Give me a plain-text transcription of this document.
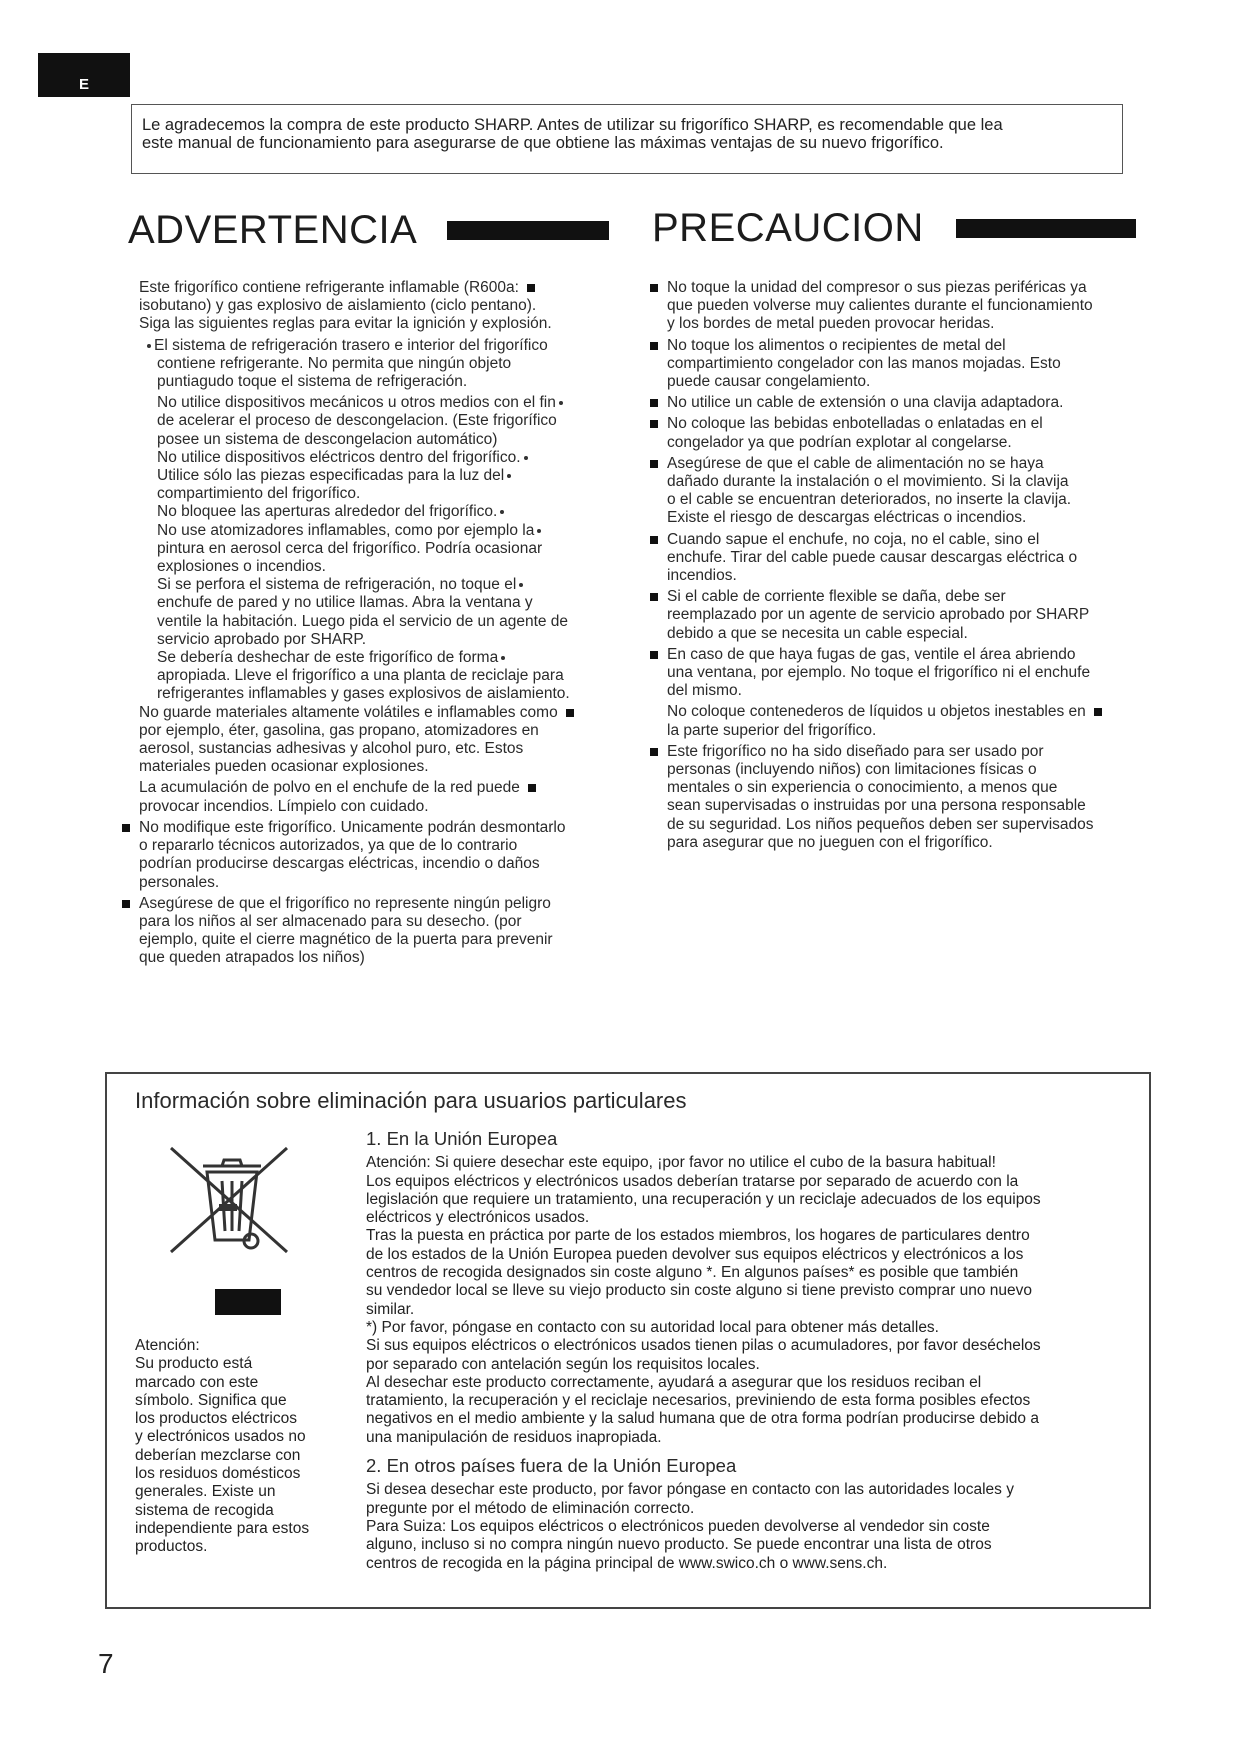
E

Le agradecemos la compra de este producto SHARP. Antes de utilizar su frigorífico SHARP, es recomendable que lea

este manual de funcionamiento para asegurarse de que obtiene las máximas ventajas de su nuevo frigorífico.

ADVERTENCIA	PRECAUCION

Este frigorífico contiene refrigerante inflamable (R600a:

isobutano) y gas explosivo de aislamiento (ciclo pentano).

Siga las siguientes reglas para evitar la ignición y explosión.

El sistema de refrigeración trasero e interior del frigorífico

contiene refrigerante. No permita que ningún objeto

puntiagudo toque el sistema de refrigeración.

No utilice dispositivos mecánicos u otros medios con el fin

de acelerar el proceso de descongelacion. (Este frigorífico

posee un sistema de descongelacion automático)

No utilice dispositivos eléctricos dentro del frigorífico.

Utilice sólo las piezas especificadas para la luz del

compartimiento del frigorífico.

No bloquee las aperturas alrededor del frigorífico.

No use atomizadores inflamables, como por ejemplo la

pintura en aerosol cerca del frigorífico. Podría ocasionar

explosiones o incendios.

Si se perfora el sistema de refrigeración, no toque el

enchufe de pared y no utilice llamas. Abra la ventana y

ventile la habitación. Luego pida el servicio de un agente de

servicio aprobado por SHARP.

Se debería deshechar de este frigorífico de forma

apropiada. Lleve el frigorífico a una planta de reciclaje para

refrigerantes inflamables y gases explosivos de aislamiento.

No guarde materiales altamente volátiles e inflamables como

por ejemplo, éter, gasolina, gas propano, atomizadores en

aerosol, sustancias adhesivas y alcohol puro, etc. Estos

materiales pueden ocasionar explosiones.

La acumulación de polvo en el enchufe de la red puede

provocar incendios. Límpielo con cuidado.

No modifique este frigorífico. Unicamente podrán desmontarlo

o repararlo técnicos autorizados, ya que de lo contrario

podrían producirse descargas eléctricas, incendio o daños

personales.

Asegúrese de que el frigorífico no represente ningún peligro

para los niños al ser almacenado para su desecho. (por

ejemplo, quite el cierre magnético de la puerta para prevenir

que queden atrapados los niños)

No toque la unidad del compresor o sus piezas periféricas ya

que pueden volverse muy calientes durante el funcionamiento

y los bordes de metal pueden provocar heridas.

No toque los alimentos o recipientes de metal del

compartimiento congelador con las manos mojadas. Esto

puede causar congelamiento.

No utilice un cable de extensión o una clavija adaptadora.

No coloque las bebidas enbotelladas o enlatadas en el

congelador ya que podrían explotar al congelarse.

Asegúrese de que el cable de alimentación no se haya

dañado durante la instalación o el movimiento. Si la clavija

o el cable se encuentran deteriorados, no inserte la clavija.

Existe el riesgo de descargas eléctricas o incendios.

Cuando sapue el enchufe, no coja, no el cable, sino el

enchufe. Tirar del cable puede causar descargas eléctrica o

incendios.

Si el cable de corriente flexible se daña, debe ser

reemplazado por un agente de servicio aprobado por SHARP

debido a que se necesita un cable especial.

En caso de que haya fugas de gas, ventile el área abriendo

una ventana, por ejemplo. No toque el frigorífico ni el enchufe

del mismo.

No coloque contenederos de líquidos u objetos inestables en

la parte superior del frigorífico.

Este frigorífico no ha sido diseñado para ser usado por

personas (incluyendo niños) con limitaciones físicas o

mentales o sin experiencia o conocimiento, a menos que

sean supervisadas o instruidas por una persona responsable

de su seguridad. Los niños pequeños deben ser supervisados

para asegurar que no jueguen con el frigorífico.

Información sobre eliminación para usuarios particulares

Atención:

Su producto está

marcado con este

símbolo. Significa que

los productos eléctricos

y electrónicos usados no

deberían mezclarse con

los residuos domésticos

generales. Existe un

sistema de recogida

independiente para estos

productos.

1. En la Unión Europea

Atención: Si quiere desechar este equipo, ¡por favor no utilice el cubo de la basura habitual!

Los equipos eléctricos y electrónicos usados deberían tratarse por separado de acuerdo con la

legislación que requiere un tratamiento, una recuperación y un reciclaje adecuados de los equipos

eléctricos y electrónicos usados.

Tras la puesta en práctica por parte de los estados miembros, los hogares de particulares dentro

de los estados de la Unión Europea pueden devolver sus equipos eléctricos y electrónicos a los

centros de recogida designados sin coste alguno *. En algunos países* es posible que también

su vendedor local se lleve su viejo producto sin coste alguno si tiene previsto comprar uno nuevo

similar.

*) Por favor, póngase en contacto con su autoridad local para obtener más detalles.

Si sus equipos eléctricos o electrónicos usados tienen pilas o acumuladores, por favor deséchelos

por separado con antelación según los requisitos locales.

Al desechar este producto correctamente, ayudará a asegurar que los residuos reciban el

tratamiento, la recuperación y el reciclaje necesarios, previniendo de esta forma posibles efectos

negativos en el medio ambiente y la salud humana que de otra forma podrían producirse debido a

una manipulación de residuos inapropiada.

2. En otros países fuera de la Unión Europea

Si desea desechar este producto, por favor póngase en contacto con las autoridades locales y

pregunte por el método de eliminación correcto.

Para Suiza: Los equipos eléctricos o electrónicos pueden devolverse al vendedor sin coste

alguno, incluso si no compra ningún nuevo producto. Se puede encontrar una lista de otros

centros de recogida en la página principal de www.swico.ch o www.sens.ch.

7
